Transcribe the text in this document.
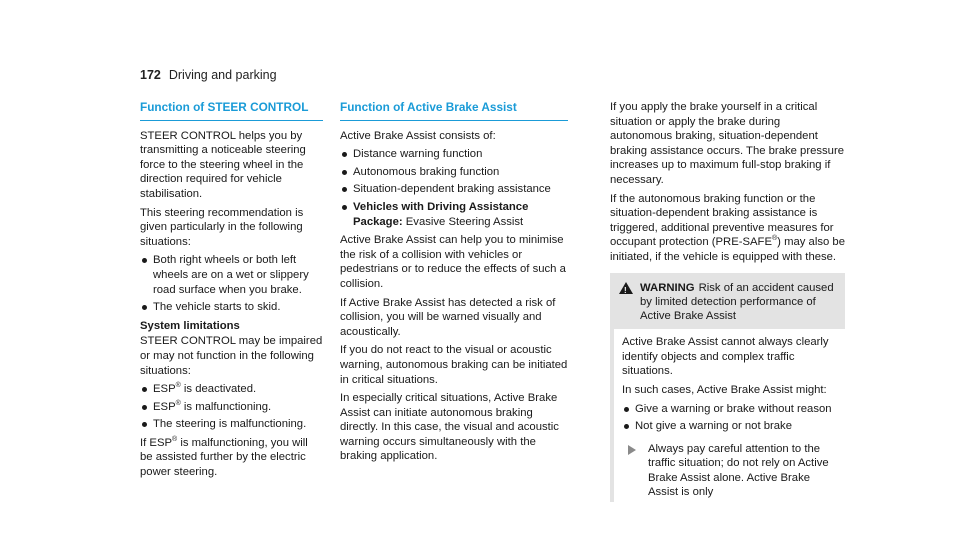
172 Driving and parking
Function of STEER CONTROL

STEER CONTROL helps you by transmitting a noticeable steering force to the steering wheel in the direction required for vehicle stabilisation.

This steering recommendation is given particularly in the following situations:

Both right wheels or both left wheels are on a wet or slippery road surface when you brake.
The vehicle starts to skid.
System limitations

STEER CONTROL may be impaired or may not function in the following situations:

ESP® is deactivated.
ESP® is malfunctioning.
The steering is malfunctioning.

If ESP® is malfunctioning, you will be assisted further by the electric power steering.

Function of Active Brake Assist

Active Brake Assist consists of:

Distance warning function
Autonomous braking function
Situation-dependent braking assistance
Vehicles with Driving Assistance Package: Evasive Steering Assist

Active Brake Assist can help you to minimise the risk of a collision with vehicles or pedestrians or to reduce the effects of such a collision.

If Active Brake Assist has detected a risk of collision, you will be warned visually and acoustically.

If you do not react to the visual or acoustic warning, autonomous braking can be initiated in critical situations.

In especially critical situations, Active Brake Assist can initiate autonomous braking directly. In this case, the visual and acoustic warning occurs simultaneously with the braking application.

If you apply the brake yourself in a critical situation or apply the brake during autonomous braking, situation-dependent braking assistance occurs. The brake pressure increases up to maximum full-stop braking if necessary.

If the autonomous braking function or the situation-dependent braking assistance is triggered, additional preventive measures for occupant protection (PRE-SAFE®) may also be initiated, if the vehicle is equipped with these.

!
WARNING Risk of an accident caused by limited detection performance of Active Brake Assist

Active Brake Assist cannot always clearly identify objects and complex traffic situations.

In such cases, Active Brake Assist might:

Give a warning or brake without reason
Not give a warning or not brake
Always pay careful attention to the traffic situation; do not rely on Active Brake Assist alone. Active Brake Assist is only
